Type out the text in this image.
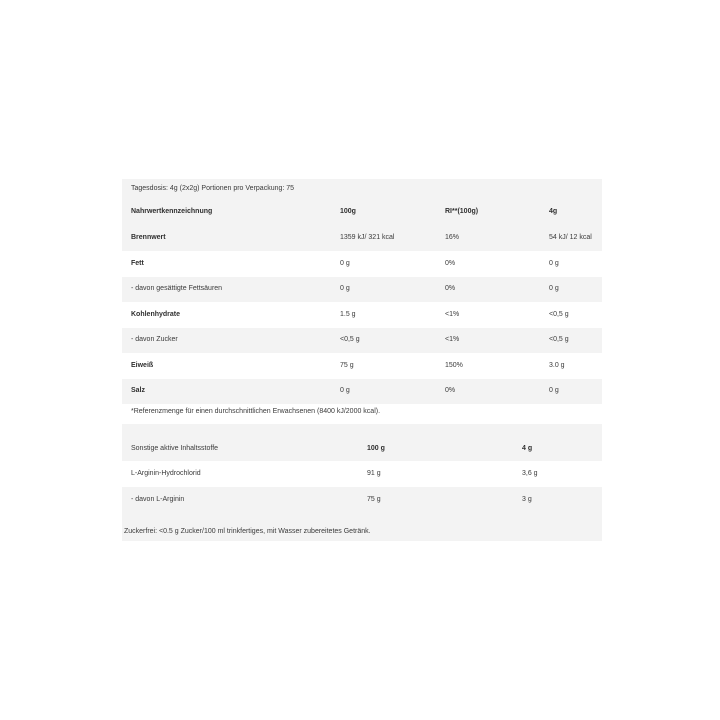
Tagesdosis: 4g (2x2g) Portionen pro Verpackung: 75
Nahrwertkennzeichnung	100g	RI**(100g)	4g
Brennwert	1359 kJ/ 321 kcal	16%	54 kJ/ 12 kcal
Fett	0 g	0%	0 g
- davon gesättigte Fettsäuren	0 g	0%	0 g
Kohlenhydrate	1.5 g	<1%	<0,5 g
- davon Zucker	<0,5 g	<1%	<0,5 g
Eiweiß	75 g	150%	3.0 g
Salz	0 g	0%	0 g
*Referenzmenge für einen durchschnittlichen Erwachsenen (8400 kJ/2000 kcal).
Sonstige aktive Inhaltsstoffe	100 g	4 g
L-Arginin-Hydrochlorid	91 g	3,6 g
- davon L-Arginin	75 g	3 g
Zuckerfrei: <0.5 g Zucker/100 ml trinkfertiges, mit Wasser zubereitetes Getränk.
